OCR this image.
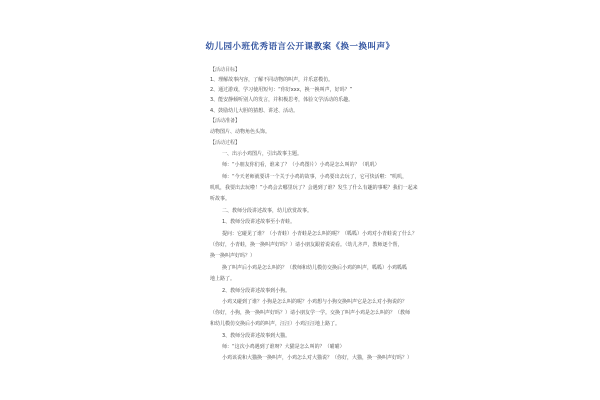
幼儿园小班优秀语言公开课教案《换一换叫声》
【活动目标】
1、理解故事内容，了解不同动物的叫声，并乐意模仿。
2、通过游戏，学习使用短句：“你好xxx，换一换叫声，好吗？”
3、能安静倾听别人的发言，并积极思考，体验文学活动的乐趣。
4、鼓励幼儿大胆的猜想、讲述、活动。
【活动准备】
动物图片、动物角色头饰。
【活动过程】
一、出示小鸡图片，引出故事主题。
师：“小朋友你们看，谁来了？（小鸡图片）小鸡是怎么叫的？（叽叽）
师：“今天老师就要讲一个关于小鸡的故事，小鸡要出去玩了，它可快活啦：“叽叽，
叽叽，我要出去玩啦！”小鸡会去哪里玩了？会遇到了谁？发生了什么有趣的事呢？我们一起来
听故事。
二、教师分段讲述故事，幼儿欣赏故事。
1、教师分段讲述故事至小青蛙。
提问：它碰见了谁？（小青蛙）小青蛙是怎么叫的呢？（呱呱）小鸡对小青蛙说了什么？
（你好，小青蛙，换一换叫声好吗？）请小朋友跟着说说看。（幼儿齐声，教师逐个帮，
换一换叫声好吗？）
换了叫声后小鸡是怎么叫的？（教师和幼儿模仿交换后小鸡的叫声，呱呱）小鸡呱呱
地上路了。
2、教师分段讲述故事到小狗。
小鸡又碰到了谁？小狗是怎么叫的呢？小鸡想与小狗交换叫声它是怎么对小狗说的？
（你好，小狗，换一换叫声好吗？）请小朋友学一学。交换了叫声小鸡是怎么叫的？（教师
和幼儿模仿交换后小鸡的叫声，汪汪）小鸡汪汪地上路了。
3、教师分段讲述故事到大猫。
师：“这次小鸡遇到了谁呀？大猫是怎么叫的？（喵喵）
小鸡该说和大猫换一换叫声，小鸡怎么对大猫说？（你好，大猫，换一换叫声好吗？）
